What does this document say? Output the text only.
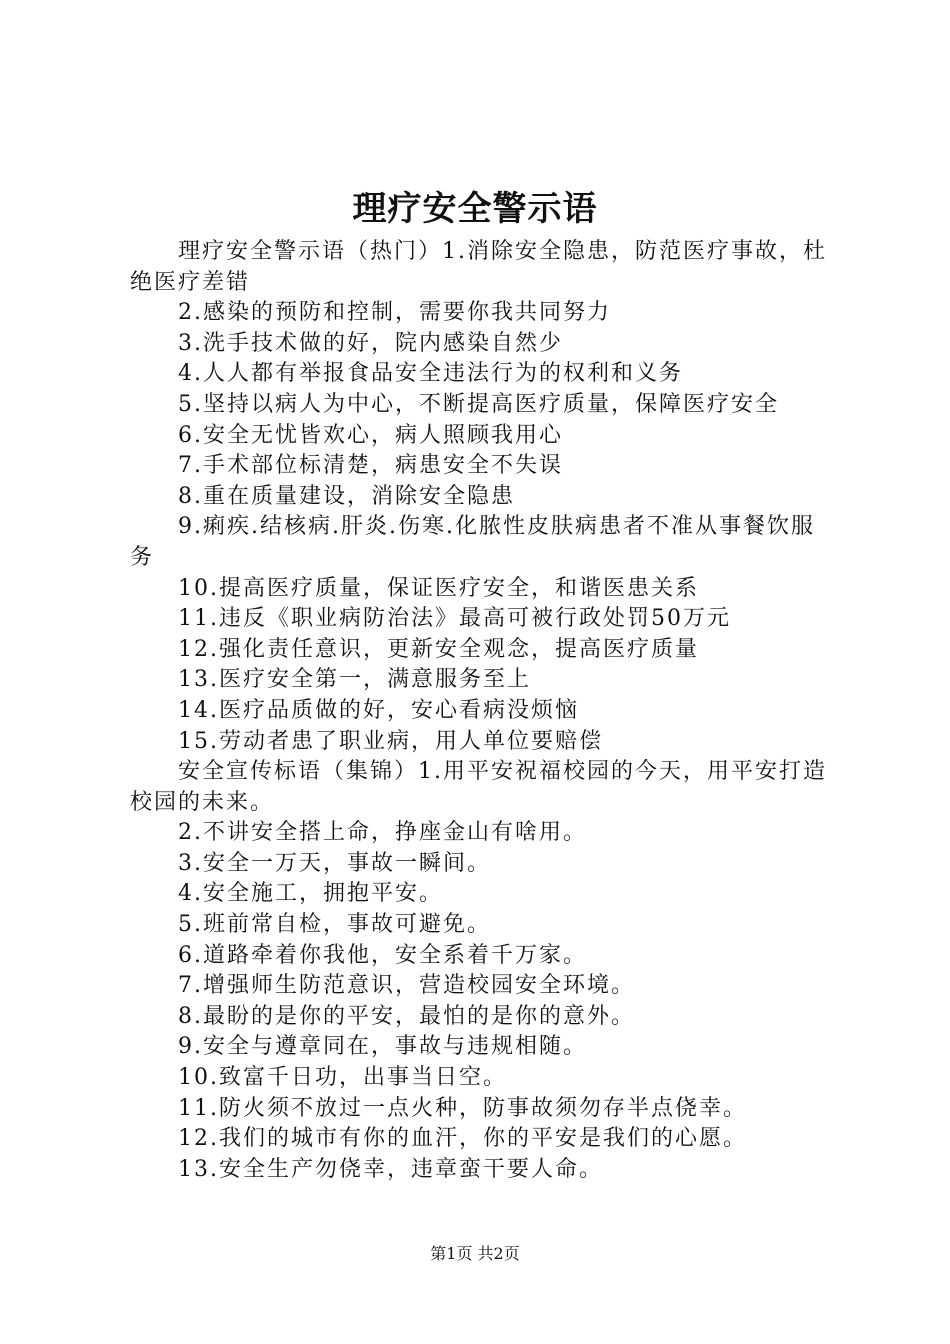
理疗安全警示语

理疗安全警示语（热门）1.消除安全隐患，防范医疗事故，杜绝医疗差错

2.感染的预防和控制，需要你我共同努力

3.洗手技术做的好，院内感染自然少

4.人人都有举报食品安全违法行为的权利和义务

5.坚持以病人为中心，不断提高医疗质量，保障医疗安全

6.安全无忧皆欢心，病人照顾我用心

7.手术部位标清楚，病患安全不失误

8.重在质量建设，消除安全隐患

9.痢疾.结核病.肝炎.伤寒.化脓性皮肤病患者不准从事餐饮服务

10.提高医疗质量，保证医疗安全，和谐医患关系

11.违反《职业病防治法》最高可被行政处罚50万元

12.强化责任意识，更新安全观念，提高医疗质量

13.医疗安全第一，满意服务至上

14.医疗品质做的好，安心看病没烦恼

15.劳动者患了职业病，用人单位要赔偿

安全宣传标语（集锦）1.用平安祝福校园的今天，用平安打造校园的未来。

2.不讲安全搭上命，挣座金山有啥用。

3.安全一万天，事故一瞬间。

4.安全施工，拥抱平安。

5.班前常自检，事故可避免。

6.道路牵着你我他，安全系着千万家。

7.增强师生防范意识，营造校园安全环境。

8.最盼的是你的平安，最怕的是你的意外。

9.安全与遵章同在，事故与违规相随。

10.致富千日功，出事当日空。

11.防火须不放过一点火种，防事故须勿存半点侥幸。

12.我们的城市有你的血汗，你的平安是我们的心愿。

13.安全生产勿侥幸，违章蛮干要人命。

第1页 共2页
